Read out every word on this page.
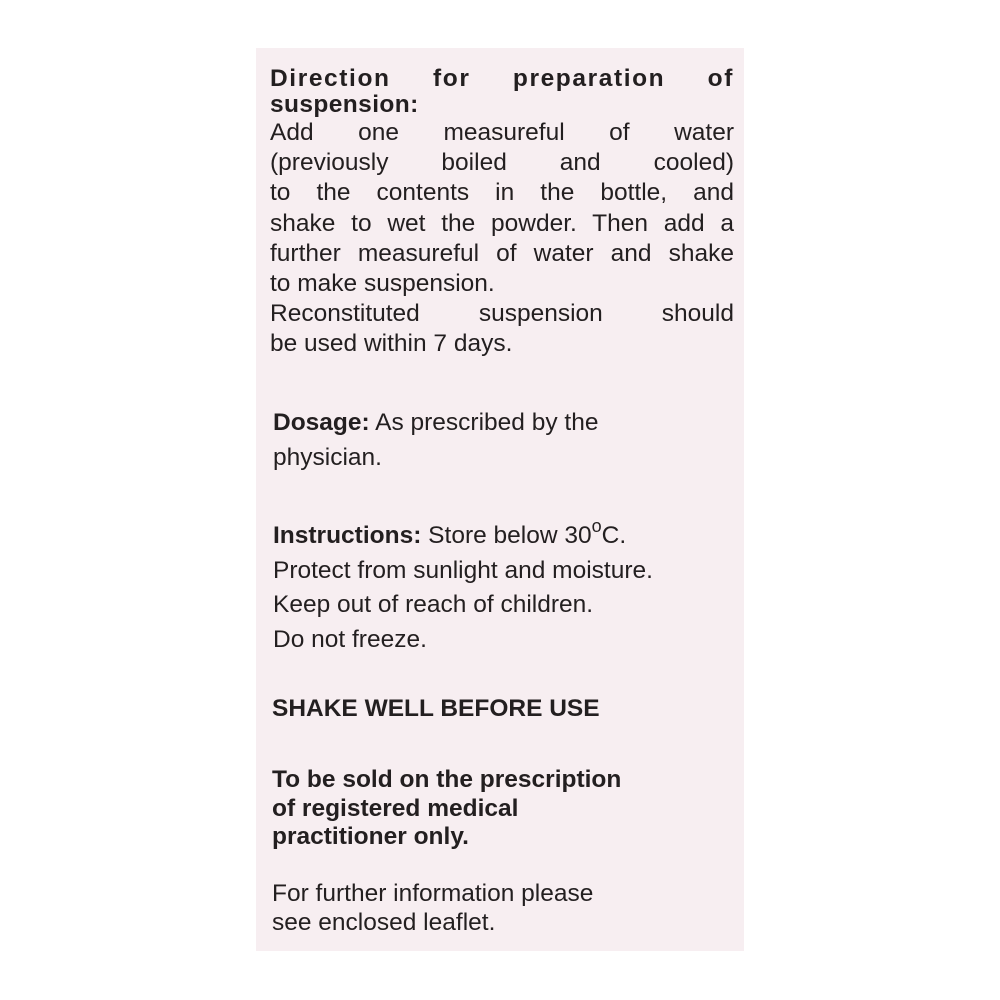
Direction for preparation of
suspension:
Add one measureful of water
(previously boiled and cooled)
to the contents in the bottle, and
shake to wet the powder. Then add a
further measureful of water and shake
to make suspension.
Reconstituted suspension should
be used within 7 days.
Dosage: As prescribed by the
physician.
Instructions: Store below 30$^o$C.
Protect from sunlight and moisture.
Keep out of reach of children.
Do not freeze.
SHAKE WELL BEFORE USE
To be sold on the prescription
of registered medical
practitioner only.
For further information please
see enclosed leaflet.
